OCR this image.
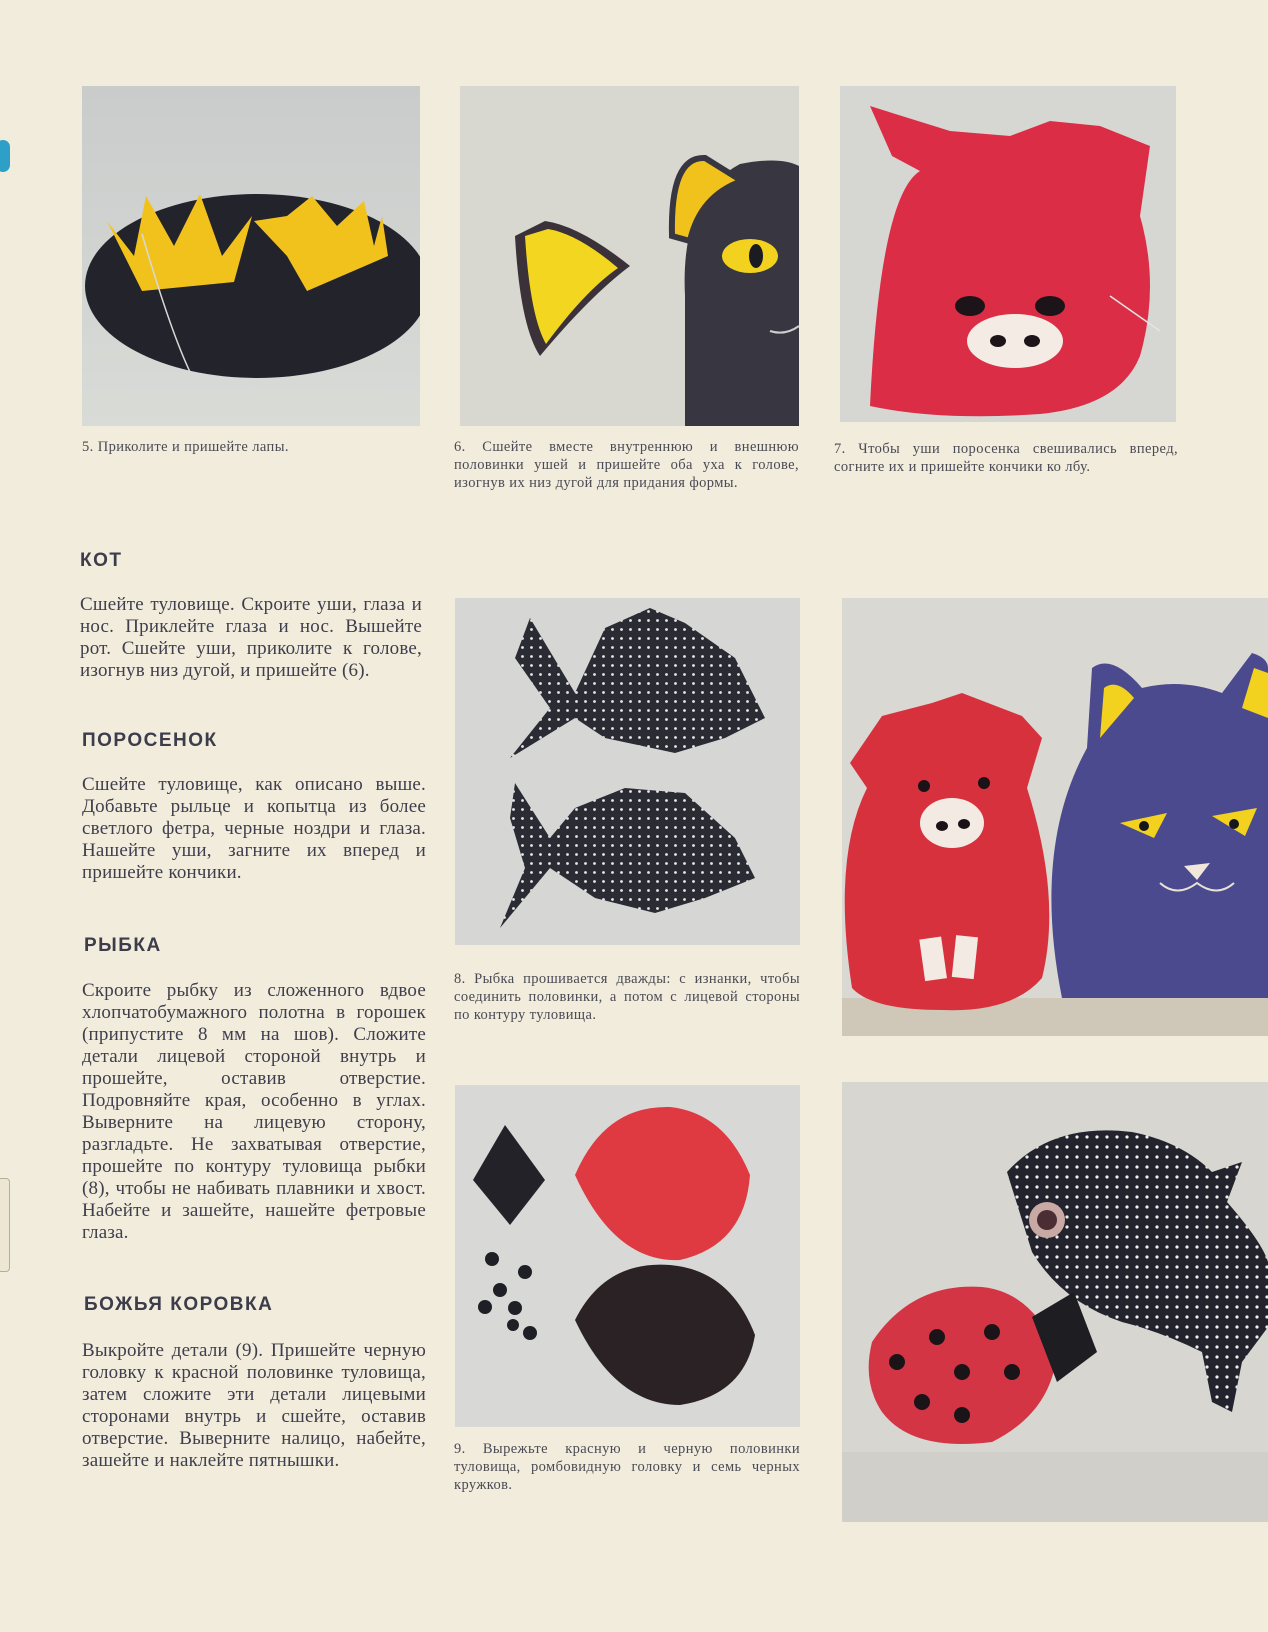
5. Приколите и пришейте лапы.	6. Сшейте вместе внутреннюю и внешнюю половинки ушей и пришейте оба уха к голове, изогнув их низ дугой для придания формы.
7. Чтобы уши поросенка свешивались вперед, согните их и пришейте кончики ко лбу.
КОТ
Сшейте туловище. Скроите уши, глаза и нос. Приклейте глаза и нос. Вышейте рот. Сшейте уши, приколите к голове, изогнув низ дугой, и пришейте (6).
ПОРОСЕНОК
Сшейте туловище, как описано выше. Добавьте рыльце и копытца из более светлого фетра, черные ноздри и глаза. Нашейте уши, загните их вперед и пришейте кончики.
РЫБКА
Скроите рыбку из сложенного вдвое хлопчатобумажного полотна в горошек (припустите 8 мм на шов). Сложите детали лицевой стороной внутрь и прошейте, оставив отверстие. Подровняйте края, особенно в углах. Выверните на лицевую сторону, разгладьте. Не захватывая отверстие, прошейте по контуру туловища рыбки (8), чтобы не набивать плавники и хвост. Набейте и зашейте, нашейте фетровые глаза.
БОЖЬЯ КОРОВКА
Выкройте детали (9). Пришейте черную головку к красной половинке туловища, затем сложите эти детали лицевыми сторонами внутрь и сшейте, оставив отверстие. Выверните налицо, набейте, зашейте и наклейте пятнышки.
8. Рыбка прошивается дважды: с изнанки, чтобы соединить половинки, а потом с лицевой стороны по контуру туловища.
9. Вырежьте красную и черную половинки туловища, ромбовидную головку и семь черных кружков.
